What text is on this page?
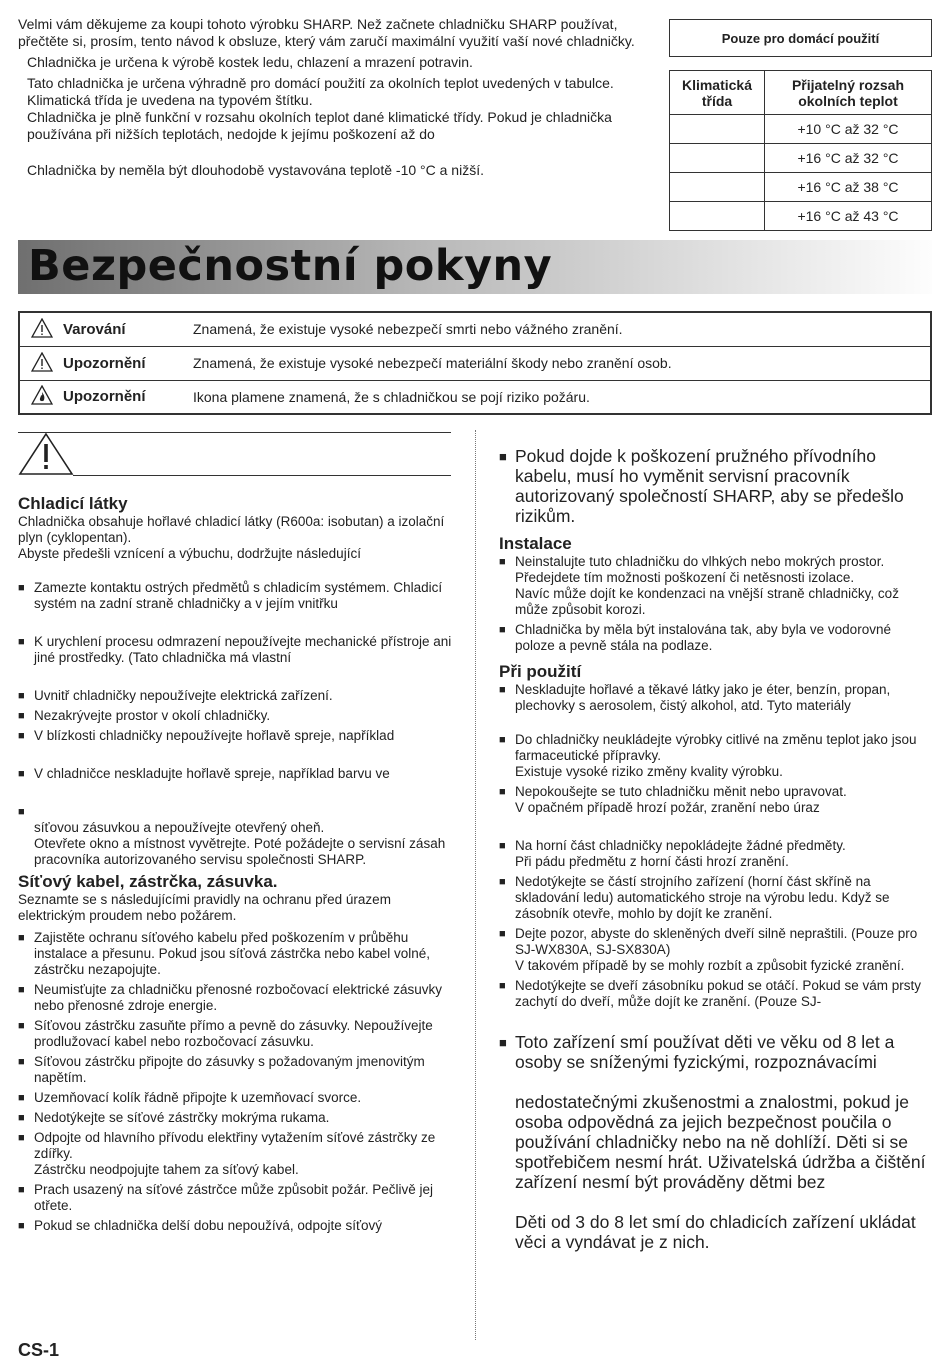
Velmi vám děkujeme za koupi tohoto výrobku SHARP. Než začnete chladničku SHARP používat, přečtěte si, prosím, tento návod k obsluze, který vám zaručí maximální využití vaší nové chladničky.

Chladnička je určena k výrobě kostek ledu, chlazení a mrazení potravin.

Tato chladnička je určena výhradně pro domácí použití za okolních teplot uvedených v tabulce. Klimatická třída je uvedena na typovém štítku.

Chladnička je plně funkční v rozsahu okolních teplot dané klimatické třídy. Pokud je chladnička používána při nižších teplotách, nedojde k jejímu poškození až do

Chladnička by neměla být dlouhodobě vystavována teplotě -10 °C a nižší.

Pouze pro domácí použití
Klimatická třída	Přijatelný rozsah okolních teplot
	+10 °C až 32 °C
	+16 °C až 32 °C
	+16 °C až 38 °C
	+16 °C až 43 °C
Bezpečnostní pokyny
	Varování	Znamená, že existuje vysoké nebezpečí smrti nebo vážného zranění.
	Upozornění	Znamená, že existuje vysoké nebezpečí materiální škody nebo zranění osob.
	Upozornění	Ikona plamene znamená, že s chladničkou se pojí riziko požáru.
Chladicí látky

Chladnička obsahuje hořlavé chladicí látky (R600a: isobutan) a izolační plyn (cyklopentan).

Abyste předešli vznícení a výbuchu, dodržujte následující

■ Zamezte kontaktu ostrých předmětů s chladicím systémem. Chladicí systém na zadní straně chladničky a v jejím vnitřku
■ K urychlení procesu odmrazení nepoužívejte mechanické přístroje ani jiné prostředky. (Tato chladnička má vlastní
■ Uvnitř chladničky nepoužívejte elektrická zařízení.
■ Nezakrývejte prostor v okolí chladničky.
■ V blízkosti chladničky nepoužívejte hořlavě spreje, například
■ V chladničce neskladujte hořlavě spreje, například barvu ve
■ síťovou zásuvkou a nepoužívejte otevřený oheň.
Otevřete okno a místnost vyvětrejte. Poté požádejte o servisní zásah pracovníka autorizovaného servisu společnosti SHARP.
Síťový kabel, zástrčka, zásuvka.

Seznamte se s následujícími pravidly na ochranu před úrazem elektrickým proudem nebo požárem.

■ Zajistěte ochranu síťového kabelu před poškozením v průběhu instalace a přesunu. Pokud jsou síťová zástrčka nebo kabel volné, zástrčku nezapojujte.
■ Neumisťujte za chladničku přenosné rozbočovací elektrické zásuvky nebo přenosné zdroje energie.
■ Síťovou zástrčku zasuňte přímo a pevně do zásuvky. Nepoužívejte prodlužovací kabel nebo rozbočovací zásuvku.
■ Síťovou zástrčku připojte do zásuvky s požadovaným jmenovitým napětím.
■ Uzemňovací kolík řádně připojte k uzemňovací svorce.
■ Nedotýkejte se síťové zástrčky mokrýma rukama.
■ Odpojte od hlavního přívodu elektřiny vytažením síťové zástrčky ze zdířky.
Zástrčku neodpojujte tahem za síťový kabel.
■ Prach usazený na síťové zástrčce může způsobit požár. Pečlivě jej otřete.
■ Pokud se chladnička delší dobu nepoužívá, odpojte síťový
■ Pokud dojde k poškození pružného přívodního kabelu, musí ho vyměnit servisní pracovník autorizovaný společností SHARP, aby se předešlo rizikům.
Instalace
■ Neinstalujte tuto chladničku do vlhkých nebo mokrých prostor. Předejdete tím možnosti poškození či netěsnosti izolace.
Navíc může dojít ke kondenzaci na vnější straně chladničky, což může způsobit korozi.
■ Chladnička by měla být instalována tak, aby byla ve vodorovné poloze a pevně stála na podlaze.
Při použití
■ Neskladujte hořlavé a těkavé látky jako je éter, benzín, propan, plechovky s aerosolem, čistý alkohol, atd. Tyto materiály
■ Do chladničky neukládejte výrobky citlivé na změnu teplot jako jsou farmaceutické přípravky.
Existuje vysoké riziko změny kvality výrobku.
■ Nepokoušejte se tuto chladničku měnit nebo upravovat.
V opačném případě hrozí požár, zranění nebo úraz
■ Na horní část chladničky nepokládejte žádné předměty.
Při pádu předmětu z horní části hrozí zranění.
■ Nedotýkejte se částí strojního zařízení (horní část skříně na skladování ledu) automatického stroje na výrobu ledu. Když se zásobník otevře, mohlo by dojít ke zranění.
■ Dejte pozor, abyste do skleněných dveří silně nepraštili. (Pouze pro SJ-WX830A, SJ-SX830A)
V takovém případě by se mohly rozbít a způsobit fyzické zranění.
■ Nedotýkejte se dveří zásobníku pokud se otáčí. Pokud se vám prsty zachytí do dveří, může dojít ke zranění. (Pouze SJ-
■ Toto zařízení smí používat děti ve věku od 8 let a osoby se sníženými fyzickými, rozpoznávacími
nedostatečnými zkušenostmi a znalostmi, pokud je osoba odpovědná za jejich bezpečnost poučila o používání chladničky nebo na ně dohlíží. Děti si se spotřebičem nesmí hrát. Uživatelská údržba a čištění zařízení nesmí být prováděny dětmi bez
Děti od 3 do 8 let smí do chladicích zařízení ukládat věci a vyndávat je z nich.
CS-1
